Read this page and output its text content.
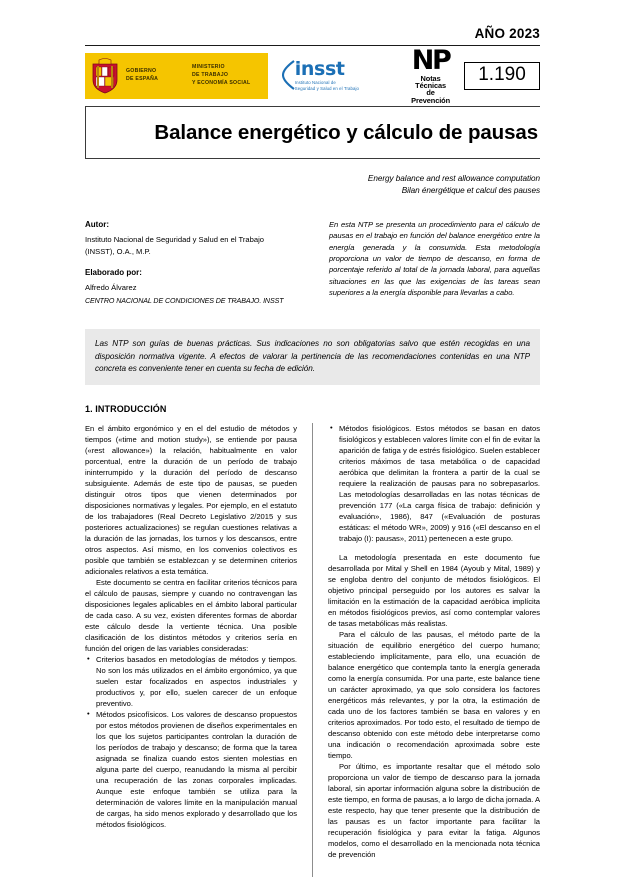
AÑO 2023
GOBIERNO
DE ESPAÑA
MINISTERIO
DE TRABAJO
Y ECONOMÍA SOCIAL
insst
Instituto Nacional de
Seguridad y Salud en el Trabajo
NP
Notas Técnicas de Prevención
1.190
Balance energético y cálculo de pausas
Energy balance and rest allowance computation
Bilan énergétique et calcul des pauses
Autor:
Instituto Nacional de Seguridad y Salud en el Trabajo
(INSST), O.A., M.P.
Elaborado por:
Alfredo Álvarez
CENTRO NACIONAL DE CONDICIONES DE TRABAJO. INSST
En esta NTP se presenta un procedimiento para el cálculo de pausas en el trabajo en función del balance energético entre la energía generada y la consumida. Esta metodología proporciona un valor de tiempo de descanso, en forma de porcentaje referido al total de la jornada laboral, para aquellas situaciones en las que las exigencias de las tareas sean superiores a la energía disponible para llevarlas a cabo.
Las NTP son guías de buenas prácticas. Sus indicaciones no son obligatorias salvo que estén recogidas en una disposición normativa vigente. A efectos de valorar la pertinencia de las recomendaciones contenidas en una NTP concreta es conveniente tener en cuenta su fecha de edición.
1. INTRODUCCIÓN

En el ámbito ergonómico y en el del estudio de métodos y tiempos («time and motion study»), se entiende por pausa («rest allowance») la relación, habitualmente en valor porcentual, entre la duración de un período de trabajo ininterrumpido y la duración del período de descanso subsiguiente. Además de este tipo de pausas, se pueden distinguir otros tipos que vienen determinados por disposiciones normativas y legales. Por ejemplo, en el estatuto de los trabajadores (Real Decreto Legislativo 2/2015 y sus posteriores actualizaciones) se regulan cuestiones relativas a la duración de las jornadas, los turnos y los descansos, entre otros aspectos. Así mismo, en los convenios colectivos es posible que también se establezcan y se determinen criterios adicionales relativos a esta temática.

Este documento se centra en facilitar criterios técnicos para el cálculo de pausas, siempre y cuando no contravengan las disposiciones legales aplicables en el ámbito laboral particular de cada caso. A su vez, existen diferentes formas de abordar este cálculo desde la vertiente técnica. Una posible clasificación de los distintos métodos y criterios sería en función del origen de las variables consideradas:

• Criterios basados en metodologías de métodos y tiempos. No son los más utilizados en el ámbito ergonómico, ya que suelen estar focalizados en aspectos industriales y productivos y, por ello, suelen carecer de un enfoque preventivo.
• Métodos psicofísicos. Los valores de descanso propuestos por estos métodos provienen de diseños experimentales en los que los sujetos participantes controlan la duración de los períodos de trabajo y descanso; de forma que la tarea asignada se finaliza cuando estos sienten molestias en alguna parte del cuerpo, reanudando la misma al percibir una recuperación de las zonas corporales implicadas. Aunque este enfoque también se utiliza para la determinación de valores límite en la manipulación manual de cargas, ha sido menos explorado y desarrollado que los métodos fisiológicos.
• Métodos fisiológicos. Estos métodos se basan en datos fisiológicos y establecen valores límite con el fin de evitar la aparición de fatiga y de estrés fisiológico. Suelen establecer criterios máximos de tasa metabólica o de capacidad aeróbica que delimitan la frontera a partir de la cual se requiere la realización de pausas para no sobrepasarlos. Las metodologías desarrolladas en las notas técnicas de prevención 177 («La carga física de trabajo: definición y evaluación», 1986), 847 («Evaluación de posturas estáticas: el método WR», 2009) y 916 («El descanso en el trabajo (I): pausas», 2011) pertenecen a este grupo.

La metodología presentada en este documento fue desarrollada por Mital y Shell en 1984 (Ayoub y Mital, 1989) y se engloba dentro del conjunto de métodos fisiológicos. El objetivo principal perseguido por los autores es salvar la limitación en la estimación de la capacidad aeróbica implícita en métodos fisiológicos previos, así como contemplar valores de tasas metabólicas más realistas.

Para el cálculo de las pausas, el método parte de la situación de equilibrio energético del cuerpo humano; estableciendo implícitamente, para ello, una ecuación de balance energético que contempla tanto la energía generada como la energía consumida. Por una parte, este balance tiene un carácter aproximado, ya que solo considera los factores energéticos más relevantes, y por la otra, la estimación de cada uno de los factores también se basa en valores y en criterios aproximados. Por todo esto, el resultado de tiempo de descanso obtenido con este método debe interpretarse como una indicación o recomendación aproximada sobre este tiempo.

Por último, es importante resaltar que el método solo proporciona un valor de tiempo de descanso para la jornada laboral, sin aportar información alguna sobre la distribución de este tiempo, en forma de pausas, a lo largo de dicha jornada. A este respecto, hay que tener presente que la distribución de las pausas es un factor importante para facilitar la recuperación fisiológica y para evitar la fatiga. Algunos modelos, como el desarrollado en la mencionada nota técnica de prevención
